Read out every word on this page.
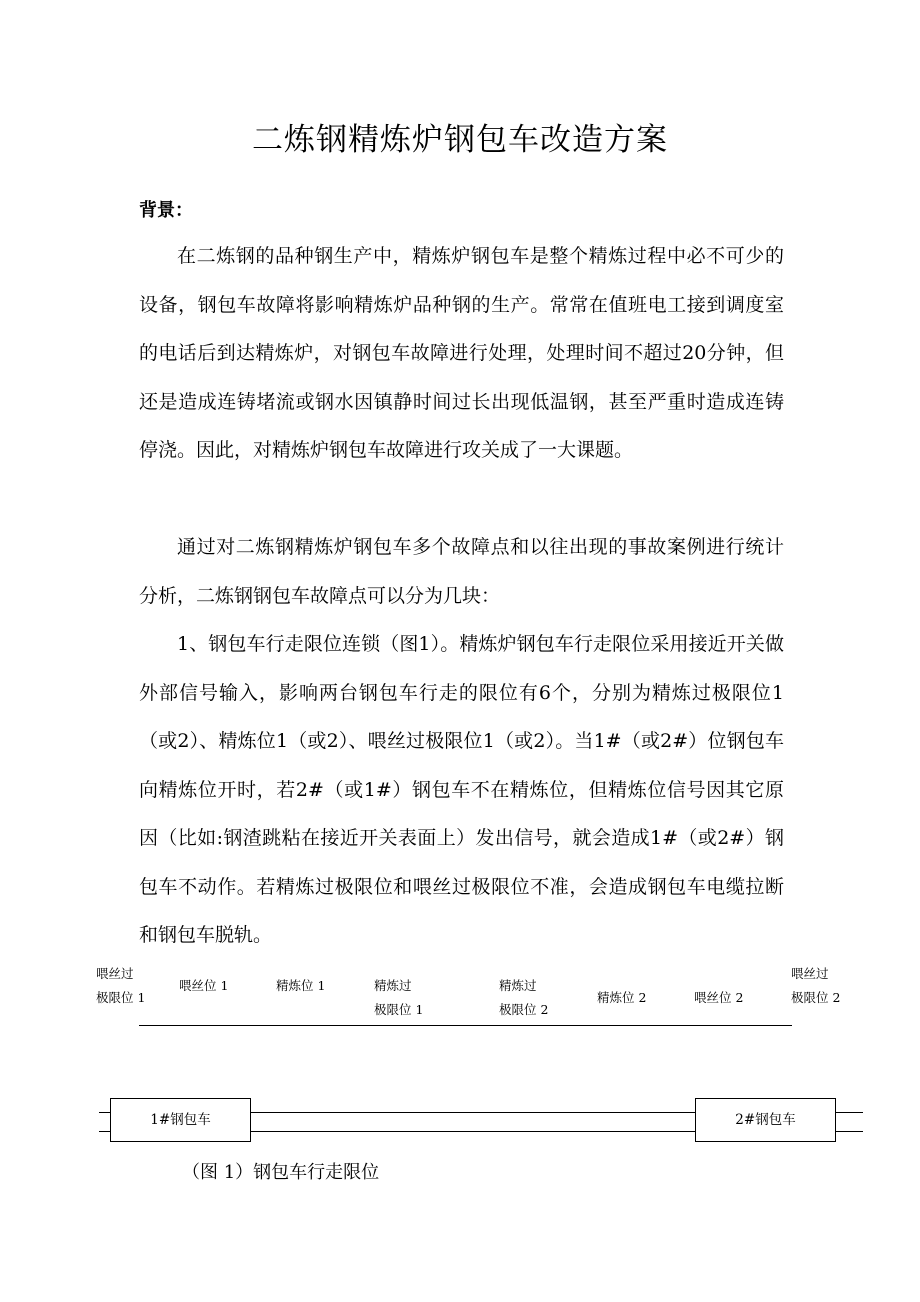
二炼钢精炼炉钢包车改造方案

背景：

在二炼钢的品种钢生产中，精炼炉钢包车是整个精炼过程中必不可少的设备，钢包车故障将影响精炼炉品种钢的生产。常常在值班电工接到调度室的电话后到达精炼炉，对钢包车故障进行处理，处理时间不超过20分钟，但还是造成连铸堵流或钢水因镇静时间过长出现低温钢，甚至严重时造成连铸停浇。因此，对精炼炉钢包车故障进行攻关成了一大课题。

通过对二炼钢精炼炉钢包车多个故障点和以往出现的事故案例进行统计分析，二炼钢钢包车故障点可以分为几块：

1、钢包车行走限位连锁（图1）。精炼炉钢包车行走限位采用接近开关做外部信号输入，影响两台钢包车行走的限位有6个，分别为精炼过极限位1（或2）、精炼位1（或2）、喂丝过极限位1（或2）。当1#（或2#）位钢包车向精炼位开时，若2#（或1#）钢包车不在精炼位，但精炼位信号因其它原因（比如:钢渣跳粘在接近开关表面上）发出信号，就会造成1#（或2#）钢包车不动作。若精炼过极限位和喂丝过极限位不准，会造成钢包车电缆拉断和钢包车脱轨。

喂丝过
极限位 1
喂丝位 1	精炼位 1	精炼过
极限位 1
精炼过
极限位 2
精炼位 2	喂丝位 2
喂丝过
极限位 2
1#钢包车	2#钢包车

（图 1）钢包车行走限位
